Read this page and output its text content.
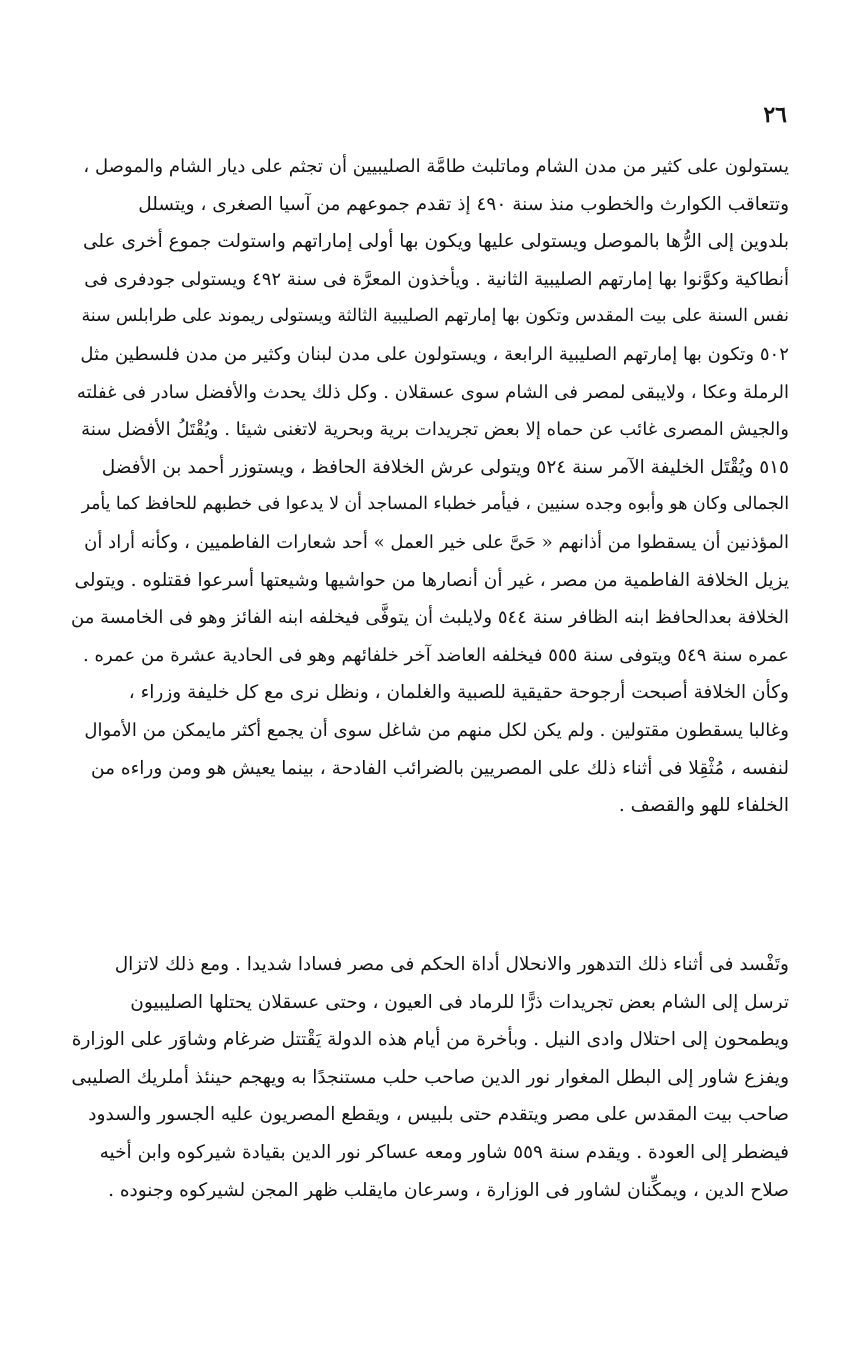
٢٦
يستولون على كثير من مدن الشام وماتلبث طامَّة الصليبيين أن تجثم على ديار الشام والموصل ،
وتتعاقب الكوارث والخطوب منذ سنة ٤٩٠ إذ تقدم جموعهم من آسيا الصغرى ، ويتسلل
بلدوين إلى الرُّها بالموصل ويستولى عليها ويكون بها أولى إماراتهم واستولت جموع أخرى على
أنطاكية وكوَّنوا بها إمارتهم الصليبية الثانية . ويأخذون المعرَّة فى سنة ٤٩٢ ويستولى جودفرى فى
نفس السنة على بيت المقدس وتكون بها إمارتهم الصليبية الثالثة ويستولى ريموند على طرابلس سنة
٥٠٢ وتكون بها إمارتهم الصليبية الرابعة ، ويستولون على مدن لبنان وكثير من مدن فلسطين مثل
الرملة وعكا ، ولايبقى لمصر فى الشام سوى عسقلان . وكل ذلك يحدث والأفضل سادر فى غفلته
والجيش المصرى غائب عن حماه إلا بعض تجريدات برية وبحرية لاتغنى شيئا . ويُقْتَلُ الأفضل سنة
٥١٥ ويُقْتَل الخليفة الآمر سنة ٥٢٤ ويتولى عرش الخلافة الحافظ ، ويستوزر أحمد بن الأفضل
الجمالى وكان هو وأبوه وجده سنيين ، فيأمر خطباء المساجد أن لا يدعوا فى خطبهم للحافظ كما يأمر
المؤذنين أن يسقطوا من أذانهم « حَىَّ على خير العمل » أحد شعارات الفاطميين ، وكأنه أراد أن
يزيل الخلافة الفاطمية من مصر ، غير أن أنصارها من حواشيها وشيعتها أسرعوا فقتلوه . ويتولى
الخلافة بعدالحافظ ابنه الظافر سنة ٥٤٤ ولايلبث أن يتوفَّى فيخلفه ابنه الفائز وهو فى الخامسة من
عمره سنة ٥٤٩ ويتوفى سنة ٥٥٥ فيخلفه العاضد آخر خلفائهم وهو فى الحادية عشرة من عمره .
وكأن الخلافة أصبحت أرجوحة حقيقية للصبية والغلمان ، ونظل نرى مع كل خليفة وزراء ،
وغالبا يسقطون مقتولين . ولم يكن لكل منهم من شاغل سوى أن يجمع أكثر مايمكن من الأموال
لنفسه ، مُثْقِلا فى أثناء ذلك على المصريين بالضرائب الفادحة ، بينما يعيش هو ومن وراءه من
الخلفاء للهو والقصف .
وتَفْسد فى أثناء ذلك التدهور والانحلال أداة الحكم فى مصر فسادا شديدا . ومع ذلك لاتزال
ترسل إلى الشام بعض تجريدات ذرًّا للرماد فى العيون ، وحتى عسقلان يحتلها الصليبيون
ويطمحون إلى احتلال وادى النيل . وبأخرة من أيام هذه الدولة يَقْتتل ضرغام وشاوَر على الوزارة
ويفزع شاور إلى البطل المغوار نور الدين صاحب حلب مستنجدًا به ويهجم حينئذ أملريك الصليبى
صاحب بيت المقدس على مصر ويتقدم حتى بلبيس ، ويقطع المصريون عليه الجسور والسدود
فيضطر إلى العودة . ويقدم سنة ٥٥٩ شاور ومعه عساكر نور الدين بقيادة شيركوه وابن أخيه
صلاح الدين ، ويمكِّنان لشاور فى الوزارة ، وسرعان مايقلب ظهر المجن لشيركوه وجنوده .
